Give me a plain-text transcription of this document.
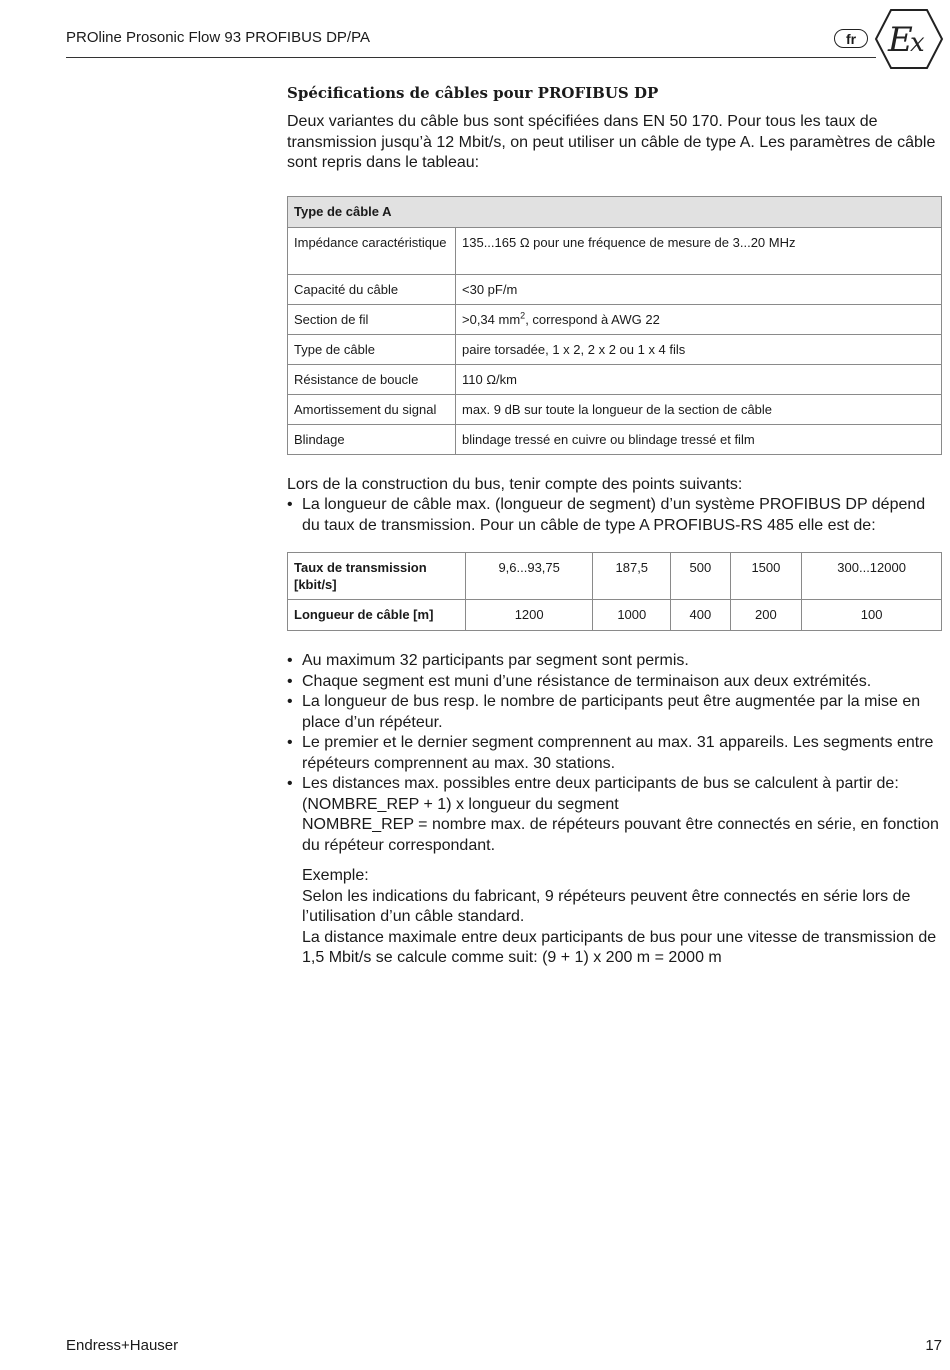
PROline Prosonic Flow 93 PROFIBUS DP/PA	fr E
x
Spécifications de câbles pour PROFIBUS DP

Deux variantes du câble bus sont spécifiées dans EN 50 170. Pour tous les taux de transmission jusqu’à 12 Mbit/s, on peut utiliser un câble de type A. Les paramètres de câble sont repris dans le tableau:

Type de câble A	
Impédance caractéristique	135...165 Ω pour une fréquence de mesure de 3...20 MHz
Capacité du câble	<30 pF/m
Section de fil	>0,34 $mm^2$, correspond à AWG 22
Type de câble	paire torsadée, 1 x 2, 2 x 2 ou 1 x 4 fils
Résistance de boucle	110 Ω/km
Amortissement du signal	max. 9 dB sur toute la longueur de la section de câble
Blindage	blindage tressé en cuivre ou blindage tressé et film

Lors de la construction du bus, tenir compte des points suivants:

• La longueur de câble max. (longueur de segment) d’un système PROFIBUS DP dépend du taux de transmission. Pour un câble de type A PROFIBUS-RS 485 elle est de:
Taux de transmission [kbit/s]	9,6...93,75	187,5	500	1500	300...12000
Longueur de câble [m]	1200	1000	400	200	100
• Au maximum 32 participants par segment sont permis.
• Chaque segment est muni d’une résistance de terminaison aux deux extrémités.
• La longueur de bus resp. le nombre de participants peut être augmentée par la mise en place d’un répéteur.
• Le premier et le dernier segment comprennent au max. 31 appareils. Les segments entre répéteurs comprennent au max. 30 stations.
• Les distances max. possibles entre deux participants de bus se calculent à partir de:
(NOMBRE_REP + 1) x longueur du segment
NOMBRE_REP = nombre max. de répéteurs pouvant être connectés en série, en fonction du répéteur correspondant.
Exemple:
Selon les indications du fabricant, 9 répéteurs peuvent être connectés en série lors de l’utilisation d’un câble standard.
La distance maximale entre deux participants de bus pour une vitesse de transmission de 1,5 Mbit/s se calcule comme suit: (9 + 1) x 200 m = 2000 m
Endress+Hauser	17
